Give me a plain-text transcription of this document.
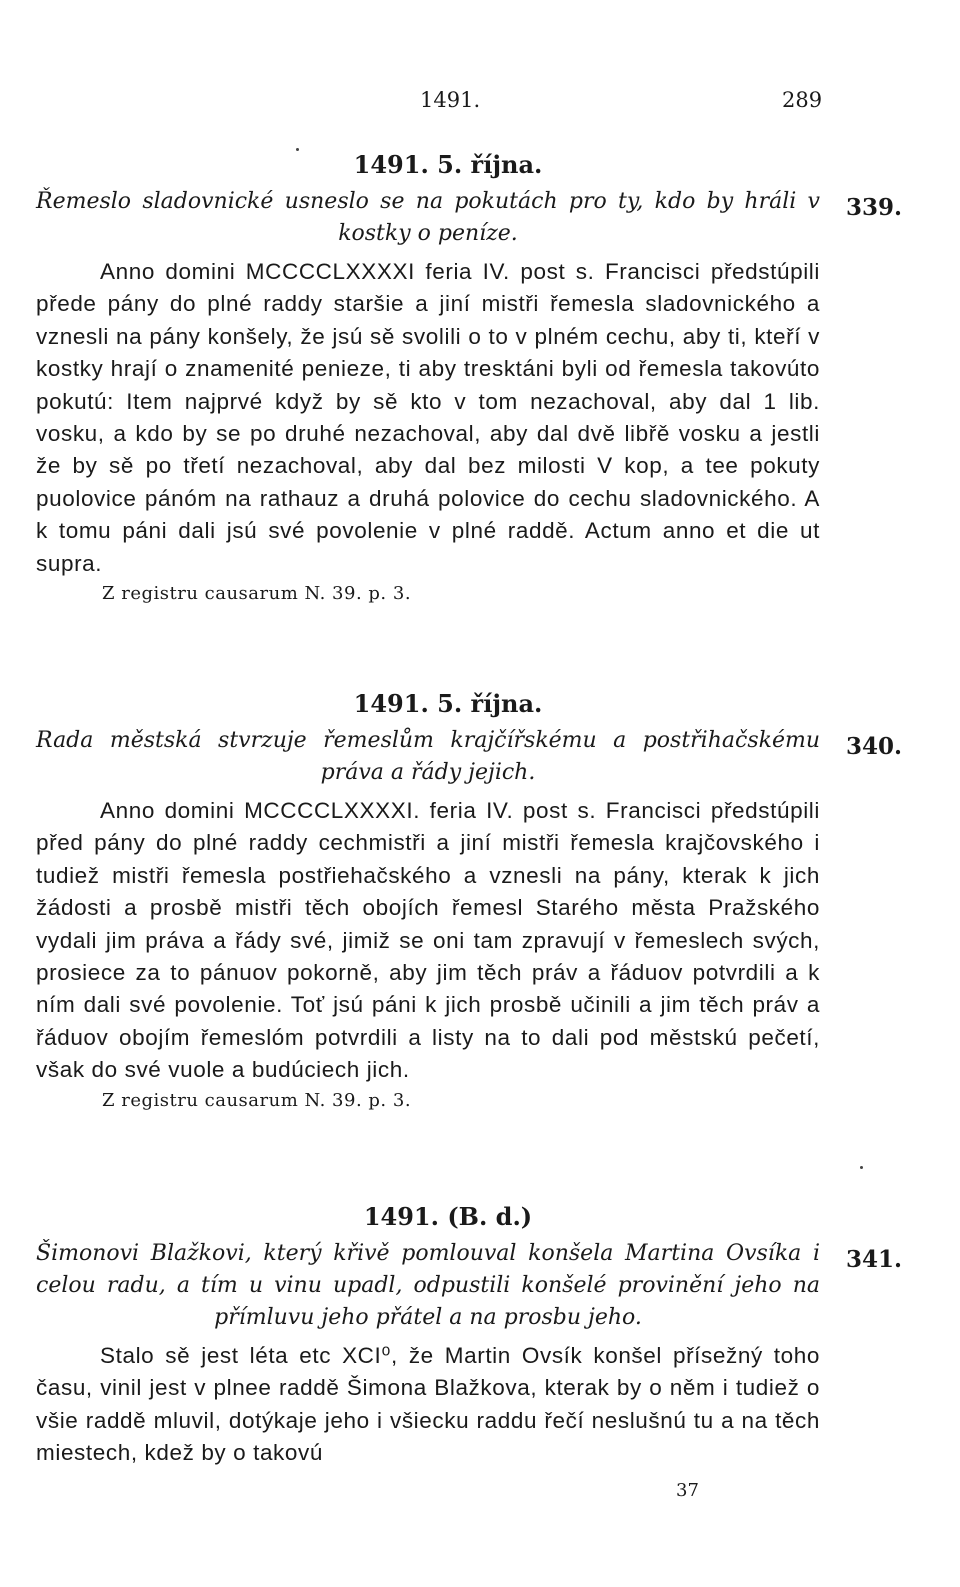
1491.	289
339.
1491. 5. října.
Řemeslo sladovnické usneslo se na pokutách pro ty, kdo by hráli v kostky o peníze.

Anno domini MCCCCLXXXXI feria IV. post s. Francisci předstúpili přede pány do plné raddy staršie a jiní mistři řemesla sladovnického a vznesli na pány konšely, že jsú sě svolili o to v plném cechu, aby ti, kteří v kostky hrají o znamenité penieze, ti aby tresktáni byli od řemesla takovúto pokutú: Item najprvé když by sě kto v tom nezachoval, aby dal 1 lib. vosku, a kdo by se po druhé nezachoval, aby dal dvě libřě vosku a jestli že by sě po třetí nezachoval, aby dal bez milosti V kop, a tee pokuty puolovice pánóm na rathauz a druhá polovice do cechu sladovnického. A k tomu páni dali jsú své povolenie v plné raddě. Actum anno et die ut supra.

Z registru causarum N. 39. p. 3.
340.
1491. 5. října.
Rada městská stvrzuje řemeslům krajčířskému a postřihačskému práva a řády jejich.

Anno domini MCCCCLXXXXI. feria IV. post s. Francisci předstúpili před pány do plné raddy cechmistři a jiní mistři řemesla krajčovského i tudiež mistři řemesla postřiehačského a vznesli na pány, kterak k jich žádosti a prosbě mistři těch obojích řemesl Starého města Pražského vydali jim práva a řády své, jimiž se oni tam zpravují v řemeslech svých, prosiece za to pánuov pokorně, aby jim těch práv a řáduov potvrdili a k ním dali své povolenie. Toť jsú páni k jich prosbě učinili a jim těch práv a řáduov obojím řemeslóm potvrdili a listy na to dali pod městskú pečetí, však do své vuole a budúciech jich.

Z registru causarum N. 39. p. 3.
341.
1491. (B. d.)
Šimonovi Blažkovi, který křivě pomlouval konšela Martina Ovsíka i celou radu, a tím u vinu upadl, odpustili konšelé provinění jeho na přímluvu jeho přátel a na prosbu jeho.

Stalo sě jest léta etc XCI⁰, že Martin Ovsík konšel přísežný toho času, vinil jest v plnee raddě Šimona Blažkova, kterak by o něm i tudiež o všie raddě mluvil, dotýkaje jeho i všiecku raddu řečí neslušnú tu a na těch miestech, kdež by o takovú

37
